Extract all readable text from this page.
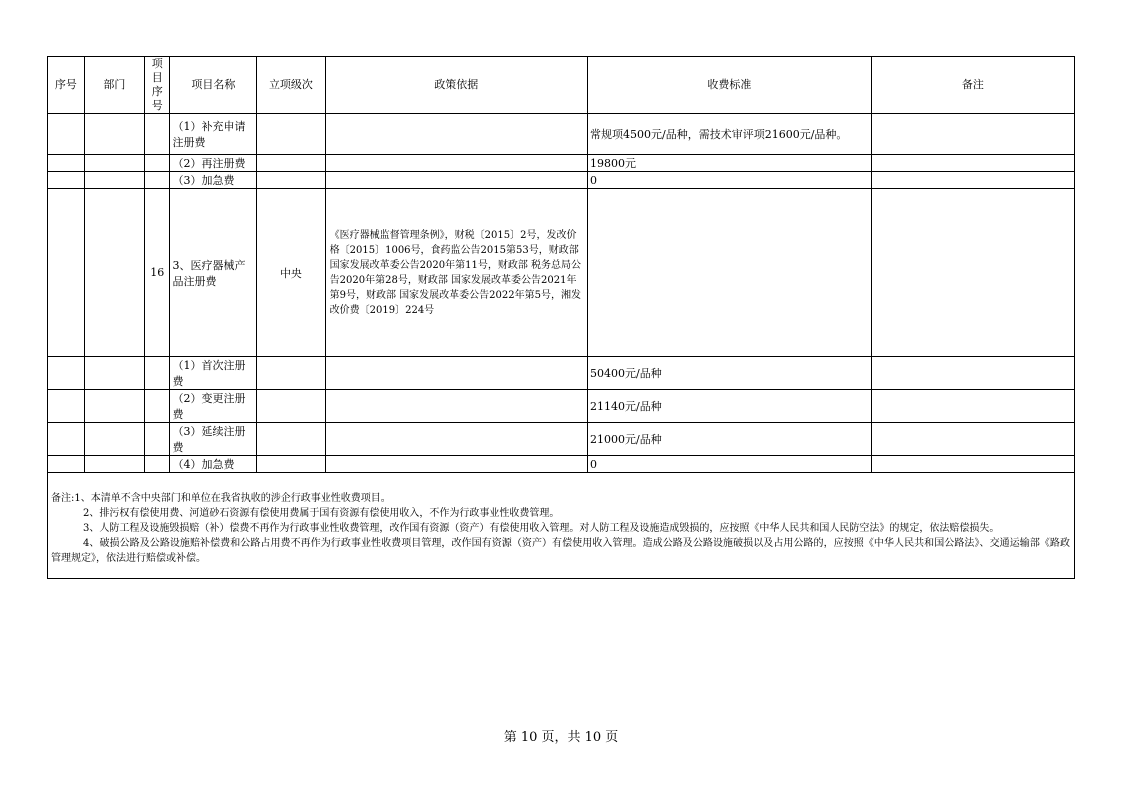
序号	部门	项目序号	项目名称	立项级次	政策依据	收费标准	备注
			（1）补充申请注册费			常规项4500元/品种，需技术审评项21600元/品种。	
			（2）再注册费			19800元	
			（3）加急费			0	
		16	3、医疗器械产品注册费	中央	《医疗器械监督管理条例》，财税〔2015〕2号，发改价格〔2015〕1006号，食药监公告2015第53号，财政部 国家发展改革委公告2020年第11号，财政部 税务总局公告2020年第28号，财政部 国家发展改革委公告2021年第9号，财政部 国家发展改革委公告2022年第5号，湘发改价费〔2019〕224号		
			（1）首次注册费			50400元/品种	
			（2）变更注册费			21140元/品种	
			（3）延续注册费			21000元/品种	
			（4）加急费			0	

备注:1、本清单不含中央部门和单位在我省执收的涉企行政事业性收费项目。
2、排污权有偿使用费、河道砂石资源有偿使用费属于国有资源有偿使用收入，不作为行政事业性收费管理。
3、人防工程及设施毁损赔（补）偿费不再作为行政事业性收费管理，改作国有资源（资产）有偿使用收入管理。对人防工程及设施造成毁损的，应按照《中华人民共和国人民防空法》的规定，依法赔偿损失。
4、破损公路及公路设施赔补偿费和公路占用费不再作为行政事业性收费项目管理，改作国有资源（资产）有偿使用收入管理。造成公路及公路设施破损以及占用公路的，应按照《中华人民共和国公路法》、交通运输部《路政管理规定》，依法进行赔偿或补偿。							
第 10 页，共 10 页
